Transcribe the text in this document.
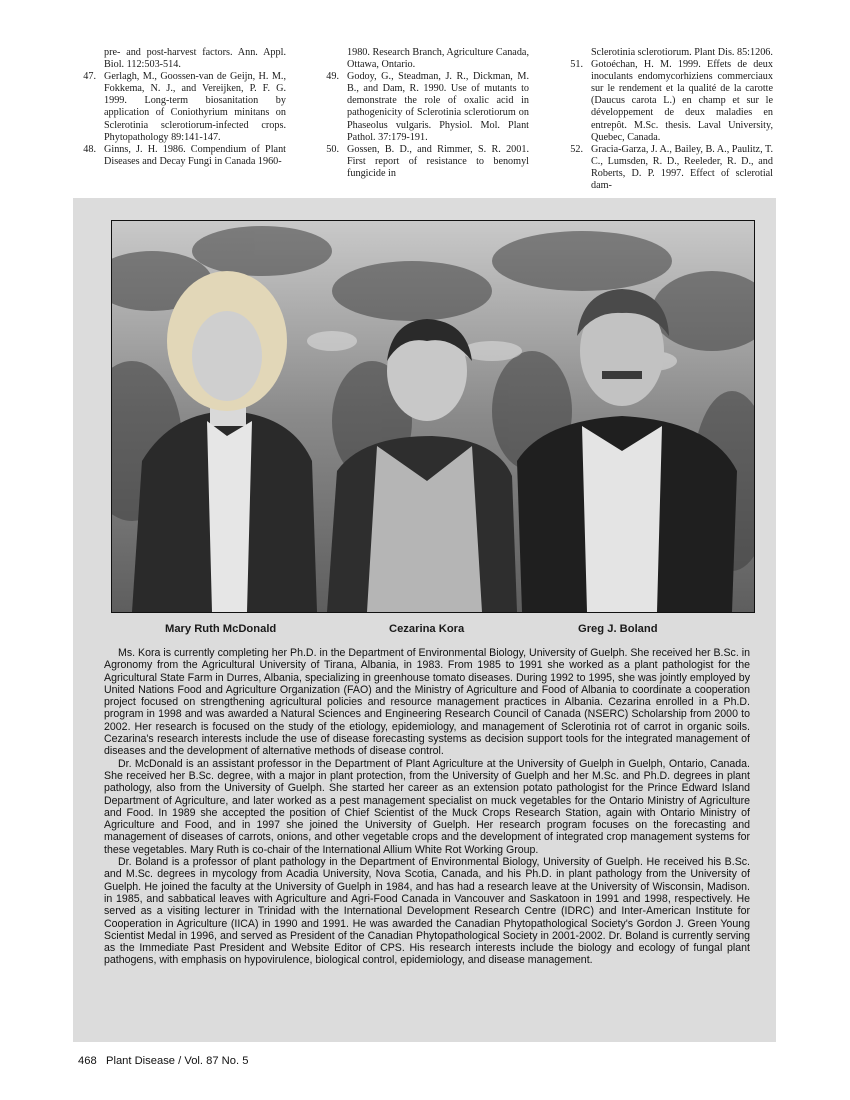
pre- and post-harvest factors. Ann. Appl. Biol. 112:503-514.

47. Gerlagh, M., Goossen-van de Geijn, H. M., Fokkema, N. J., and Vereijken, P. F. G. 1999. Long-term biosanitation by application of Coniothyrium minitans on Sclerotinia sclerotiorum-infected crops. Phytopathology 89:141-147.

48. Ginns, J. H. 1986. Compendium of Plant Diseases and Decay Fungi in Canada 1960-

1980. Research Branch, Agriculture Canada, Ottawa, Ontario.

49. Godoy, G., Steadman, J. R., Dickman, M. B., and Dam, R. 1990. Use of mutants to demonstrate the role of oxalic acid in pathogenicity of Sclerotinia sclerotiorum on Phaseolus vulgaris. Physiol. Mol. Plant Pathol. 37:179-191.

50. Gossen, B. D., and Rimmer, S. R. 2001. First report of resistance to benomyl fungicide in

Sclerotinia sclerotiorum. Plant Dis. 85:1206.

51. Gotoéchan, H. M. 1999. Effets de deux inoculants endomycorhiziens commerciaux sur le rendement et la qualité de la carotte (Daucus carota L.) en champ et sur le développement de deux maladies en entrepôt. M.Sc. thesis. Laval University, Quebec, Canada.

52. Gracia-Garza, J. A., Bailey, B. A., Paulitz, T. C., Lumsden, R. D., Reeleder, R. D., and Roberts, D. P. 1997. Effect of sclerotial dam-

Mary Ruth McDonald	Cezarina Kora	Greg J. Boland

Ms. Kora is currently completing her Ph.D. in the Department of Environmental Biology, University of Guelph. She received her B.Sc. in Agronomy from the Agricultural University of Tirana, Albania, in 1983. From 1985 to 1991 she worked as a plant pathologist for the Agricultural State Farm in Durres, Albania, specializing in greenhouse tomato diseases. During 1992 to 1995, she was jointly employed by United Nations Food and Agriculture Organization (FAO) and the Ministry of Agriculture and Food of Albania to coordinate a cooperation project focused on strengthening agricultural policies and resource management practices in Albania. Cezarina enrolled in a Ph.D. program in 1998 and was awarded a Natural Sciences and Engineering Research Council of Canada (NSERC) Scholarship from 2000 to 2002. Her research is focused on the study of the etiology, epidemiology, and management of Sclerotinia rot of carrot in organic soils. Cezarina's research interests include the use of disease forecasting systems as decision support tools for the integrated management of diseases and the development of alternative methods of disease control.

Dr. McDonald is an assistant professor in the Department of Plant Agriculture at the University of Guelph in Guelph, Ontario, Canada. She received her B.Sc. degree, with a major in plant protection, from the University of Guelph and her M.Sc. and Ph.D. degrees in plant pathology, also from the University of Guelph. She started her career as an extension potato pathologist for the Prince Edward Island Department of Agriculture, and later worked as a pest management specialist on muck vegetables for the Ontario Ministry of Agriculture and Food. In 1989 she accepted the position of Chief Scientist of the Muck Crops Research Station, again with Ontario Ministry of Agriculture and Food, and in 1997 she joined the University of Guelph. Her research program focuses on the forecasting and management of diseases of carrots, onions, and other vegetable crops and the development of integrated crop management systems for these vegetables. Mary Ruth is co-chair of the International Allium White Rot Working Group.

Dr. Boland is a professor of plant pathology in the Department of Environmental Biology, University of Guelph. He received his B.Sc. and M.Sc. degrees in mycology from Acadia University, Nova Scotia, Canada, and his Ph.D. in plant pathology from the University of Guelph. He joined the faculty at the University of Guelph in 1984, and has had a research leave at the University of Wisconsin, Madison. in 1985, and sabbatical leaves with Agriculture and Agri-Food Canada in Vancouver and Saskatoon in 1991 and 1998, respectively. He served as a visiting lecturer in Trinidad with the International Development Research Centre (IDRC) and Inter-American Institute for Cooperation in Agriculture (IICA) in 1990 and 1991. He was awarded the Canadian Phytopathological Society's Gordon J. Green Young Scientist Medal in 1996, and served as President of the Canadian Phytopathological Society in 2001-2002. Dr. Boland is currently serving as the Immediate Past President and Website Editor of CPS. His research interests include the biology and ecology of fungal plant pathogens, with emphasis on hypovirulence, biological control, epidemiology, and disease management.

468 Plant Disease / Vol. 87 No. 5
